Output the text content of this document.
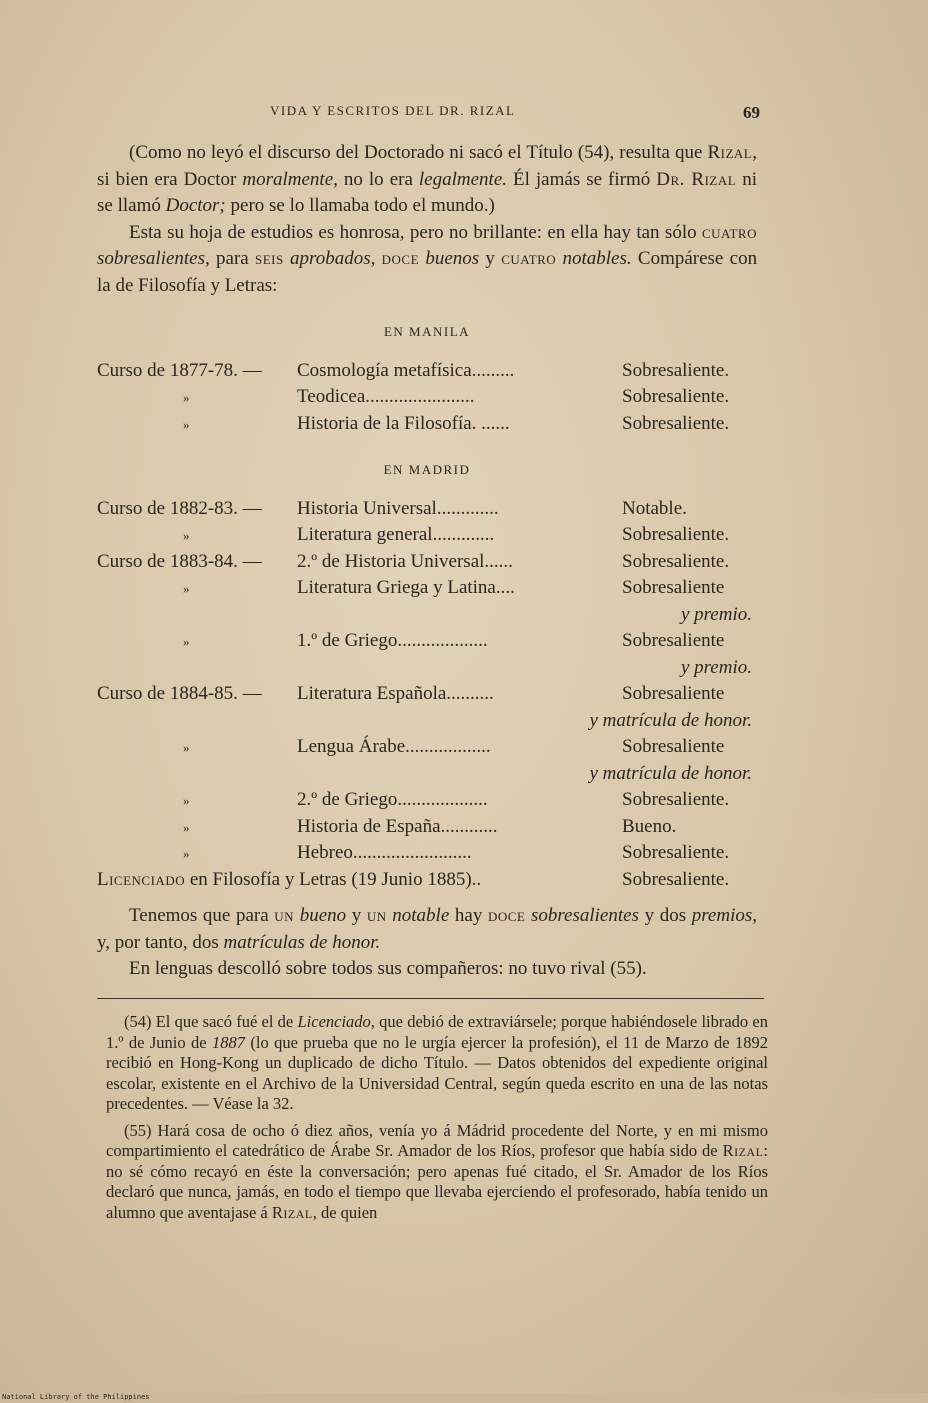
VIDA Y ESCRITOS DEL DR. RIZAL	69

(Como no leyó el discurso del Doctorado ni sacó el Título (54), resulta que Rizal, si bien era Doctor moralmente, no lo era legalmente. Él jamás se firmó Dr. Rizal ni se llamó Doctor; pero se lo llamaba todo el mundo.)

Esta su hoja de estudios es honrosa, pero no brillante: en ella hay tan sólo cuatro sobresalientes, para seis aprobados, doce buenos y cuatro notables. Compárese con la de Filosofía y Letras:

EN MANILA
Curso de 1877-78. —	Cosmología metafísica.........	Sobresaliente.
»	Teodicea.......................	Sobresaliente.
»	Historia de la Filosofía. ......	Sobresaliente.
EN MADRID
Curso de 1882-83. —	Historia Universal.............	Notable.
»	Literatura general.............	Sobresaliente.
Curso de 1883-84. —	2.º de Historia Universal......	Sobresaliente.
»	Literatura Griega y Latina....	Sobresaliente
y premio.
»	1.º de Griego...................	Sobresaliente
y premio.
Curso de 1884-85. —	Literatura Española..........	Sobresaliente
y matrícula de honor.
»	Lengua Árabe..................	Sobresaliente
y matrícula de honor.
»	2.º de Griego...................	Sobresaliente.
»	Historia de España............	Bueno.
»	Hebreo.........................	Sobresaliente.
Licenciado en Filosofía y Letras (19 Junio 1885)..	Sobresaliente.

Tenemos que para un bueno y un notable hay doce sobresalientes y dos premios, y, por tanto, dos matrículas de honor.

En lenguas descolló sobre todos sus compañeros: no tuvo rival (55).

(54) El que sacó fué el de Licenciado, que debió de extraviársele; porque habiéndosele librado en 1.º de Junio de 1887 (lo que prueba que no le urgía ejercer la profesión), el 11 de Marzo de 1892 recibió en Hong-Kong un duplicado de dicho Título. — Datos obtenidos del expediente original escolar, existente en el Archivo de la Universidad Central, según queda escrito en una de las notas precedentes. — Véase la 32.

(55) Hará cosa de ocho ó diez años, venía yo á Mádrid procedente del Norte, y en mi mismo compartimiento el catedrático de Árabe Sr. Amador de los Ríos, profesor que había sido de Rizal: no sé cómo recayó en éste la conversación; pero apenas fué citado, el Sr. Amador de los Ríos declaró que nunca, jamás, en todo el tiempo que llevaba ejerciendo el profesorado, había tenido un alumno que aventajase á Rizal, de quien

National Library of the Philippines
